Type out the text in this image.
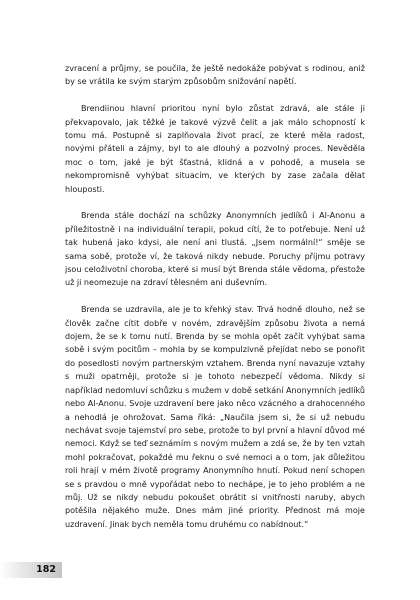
zvracení a průjmy, se poučila, že ještě nedokáže pobývat s rodinou, aniž by se vrátila ke svým starým způsobům snižování napětí.

Brendiinou hlavní prioritou nyní bylo zůstat zdravá, ale stále ji překvapovalo, jak těžké je takové výzvě čelit a jak málo schopností k tomu má. Postupně si zaplňovala život prací, ze které měla radost, novými přáteli a zájmy, byl to ale dlouhý a pozvolný proces. Nevěděla moc o tom, jaké je být šťastná, klidná a v pohodě, a musela se nekompromisně vyhýbat situacím, ve kterých by zase začala dělat hlouposti.

Brenda stále dochází na schůzky Anonymních jedlíků i Al-Anonu a příležitostně i na individuální terapii, pokud cítí, že to potřebuje. Není už tak hubená jako kdysi, ale není ani tlustá. „Jsem normální!“ směje se sama sobě, protože ví, že taková nikdy nebude. Poruchy příjmu potravy jsou celoživotní choroba, které si musí být Brenda stále vědoma, přestože už ji neomezuje na zdraví tělesném ani duševním.

Brenda se uzdravila, ale je to křehký stav. Trvá hodně dlouho, než se člověk začne cítit dobře v novém, zdravějším způsobu života a nemá dojem, že se k tomu nutí. Brenda by se mohla opět začít vyhýbat sama sobě i svým pocitům – mohla by se kompulzivně přejídat nebo se ponořit do posedlosti novým partnerským vztahem. Brenda nyní navazuje vztahy s muži opatrněji, protože si je tohoto nebezpečí vědoma. Nikdy si například nedomluví schůzku s mužem v době setkání Anonymních jedlíků nebo Al-Anonu. Svoje uzdravení bere jako něco vzácného a drahocenného a nehodlá je ohrožovat. Sama říká: „Naučila jsem si, že si už nebudu nechávat svoje tajemství pro sebe, protože to byl první a hlavní důvod mé nemoci. Když se teď seznámím s novým mužem a zdá se, že by ten vztah mohl pokračovat, pokaždé mu řeknu o své nemoci a o tom, jak důležitou roli hrají v mém životě programy Anonymního hnutí. Pokud není schopen se s pravdou o mně vypořádat nebo to nechápe, je to jeho problém a ne můj. Už se nikdy nebudu pokoušet obrátit si vnitřnosti naruby, abych potěšila nějakého muže. Dnes mám jiné priority. Přednost má moje uzdravení. Jinak bych neměla tomu druhému co nabídnout.“

182
